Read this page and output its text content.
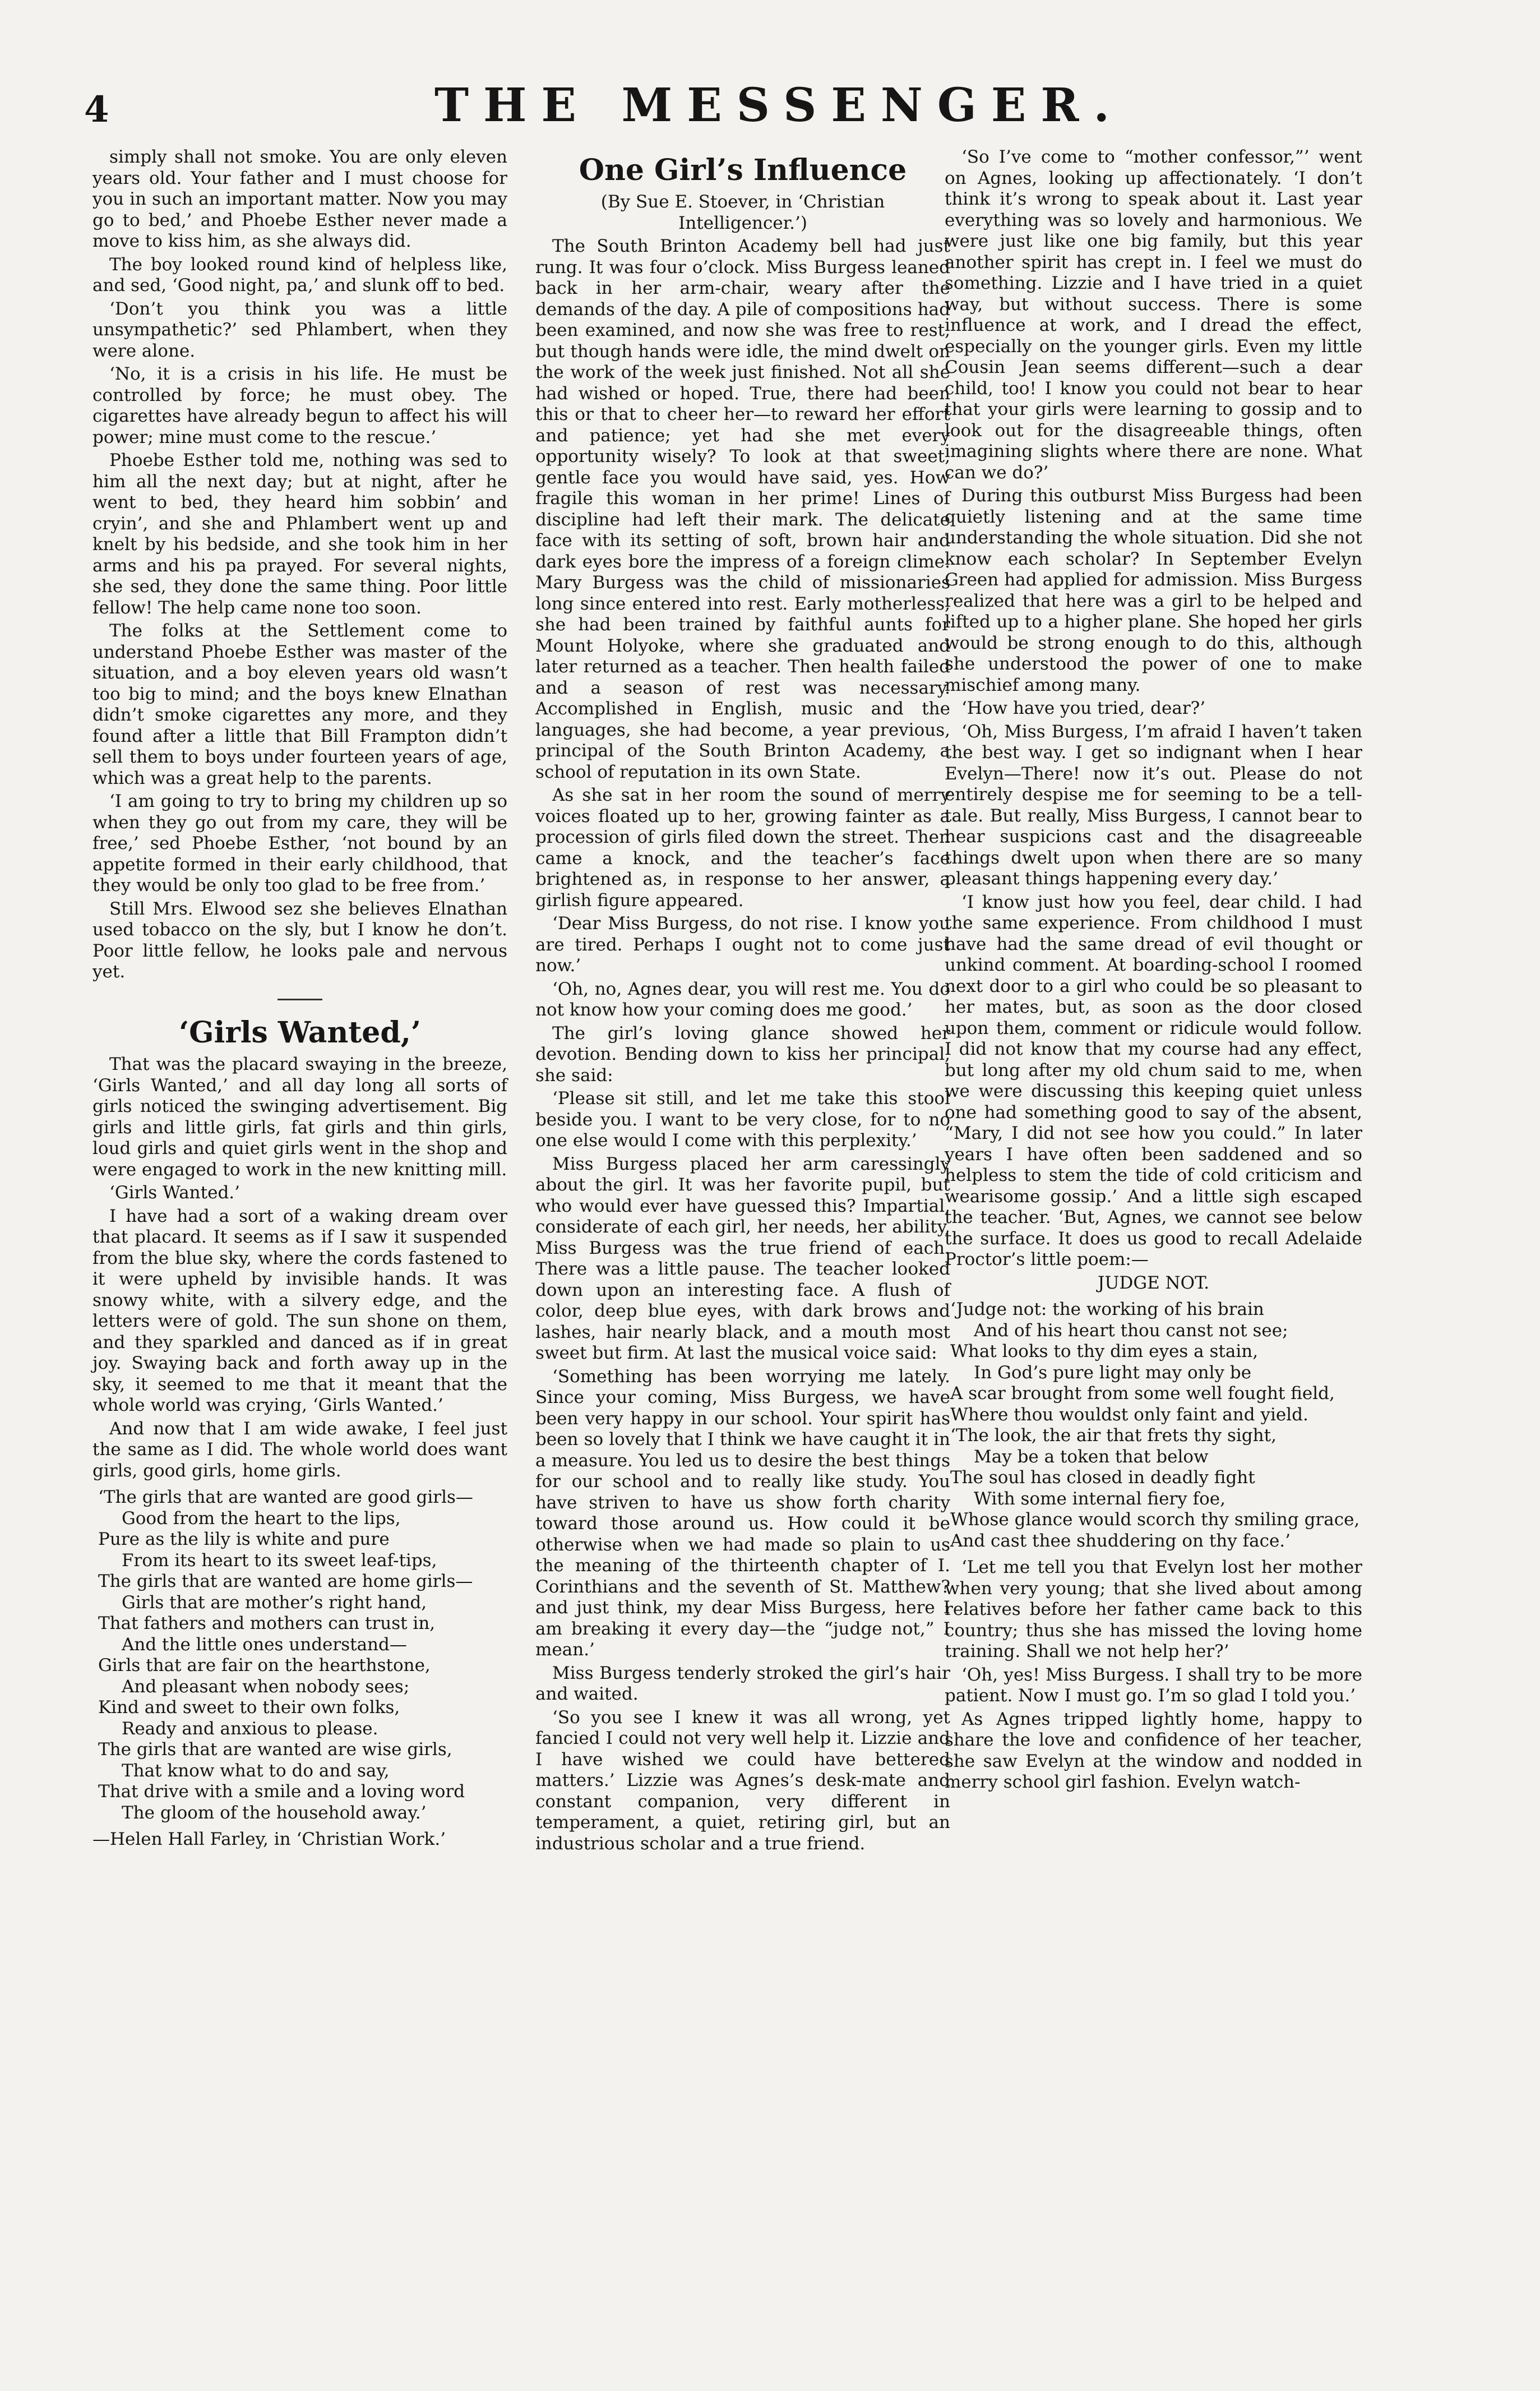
4	THE MESSENGER.

simply shall not smoke. You are only eleven years old. Your father and I must choose for you in such an important matter. Now you may go to bed,’ and Phoebe Esther never made a move to kiss him, as she always did.

The boy looked round kind of helpless like, and sed, ‘Good night, pa,’ and slunk off to bed.

‘Don’t you think you was a little unsympathetic?’ sed Phlambert, when they were alone.

‘No, it is a crisis in his life. He must be controlled by force; he must obey. The cigarettes have already begun to affect his will power; mine must come to the rescue.’

Phoebe Esther told me, nothing was sed to him all the next day; but at night, after he went to bed, they heard him sobbin’ and cryin’, and she and Phlambert went up and knelt by his bedside, and she took him in her arms and his pa prayed. For several nights, she sed, they done the same thing. Poor little fellow! The help came none too soon.

The folks at the Settlement come to understand Phoebe Esther was master of the situation, and a boy eleven years old wasn’t too big to mind; and the boys knew Elnathan didn’t smoke cigarettes any more, and they found after a little that Bill Frampton didn’t sell them to boys under fourteen years of age, which was a great help to the parents.

‘I am going to try to bring my children up so when they go out from my care, they will be free,’ sed Phoebe Esther, ‘not bound by an appetite formed in their early childhood, that they would be only too glad to be free from.’

Still Mrs. Elwood sez she believes Elnathan used tobacco on the sly, but I know he don’t. Poor little fellow, he looks pale and nervous yet.

‘Girls Wanted,’

That was the placard swaying in the breeze, ‘Girls Wanted,’ and all day long all sorts of girls noticed the swinging advertisement. Big girls and little girls, fat girls and thin girls, loud girls and quiet girls went in the shop and were engaged to work in the new knitting mill.

‘Girls Wanted.’

I have had a sort of a waking dream over that placard. It seems as if I saw it suspended from the blue sky, where the cords fastened to it were upheld by invisible hands. It was snowy white, with a silvery edge, and the letters were of gold. The sun shone on them, and they sparkled and danced as if in great joy. Swaying back and forth away up in the sky, it seemed to me that it meant that the whole world was crying, ‘Girls Wanted.’

And now that I am wide awake, I feel just the same as I did. The whole world does want girls, good girls, home girls.

‘The girls that are wanted are good girls—
Good from the heart to the lips,
Pure as the lily is white and pure
From its heart to its sweet leaf-tips,
The girls that are wanted are home girls—
Girls that are mother’s right hand,
That fathers and mothers can trust in,
And the little ones understand—
Girls that are fair on the hearthstone,
And pleasant when nobody sees;
Kind and sweet to their own folks,
Ready and anxious to please.
The girls that are wanted are wise girls,
That know what to do and say,
That drive with a smile and a loving word
The gloom of the household away.’

—Helen Hall Farley, in ‘Christian Work.’

One Girl’s Influence

(By Sue E. Stoever, in ‘Christian Intelligencer.’)

The South Brinton Academy bell had just rung. It was four o’clock. Miss Burgess leaned back in her arm-chair, weary after the demands of the day. A pile of compositions had been examined, and now she was free to rest, but though hands were idle, the mind dwelt on the work of the week just finished. Not all she had wished or hoped. True, there had been this or that to cheer her—to reward her effort and patience; yet had she met every opportunity wisely? To look at that sweet, gentle face you would have said, yes. How fragile this woman in her prime! Lines of discipline had left their mark. The delicate face with its setting of soft, brown hair and dark eyes bore the impress of a foreign clime. Mary Burgess was the child of missionaries long since entered into rest. Early motherless, she had been trained by faithful aunts for Mount Holyoke, where she graduated and later returned as a teacher. Then health failed and a season of rest was necessary. Accomplished in English, music and the languages, she had become, a year previous, principal of the South Brinton Academy, a school of reputation in its own State.

As she sat in her room the sound of merry voices floated up to her, growing fainter as a procession of girls filed down the street. Then came a knock, and the teacher’s face brightened as, in response to her answer, a girlish figure appeared.

‘Dear Miss Burgess, do not rise. I know you are tired. Perhaps I ought not to come just now.’

‘Oh, no, Agnes dear, you will rest me. You do not know how your coming does me good.’

The girl’s loving glance showed her devotion. Bending down to kiss her principal, she said:

‘Please sit still, and let me take this stool beside you. I want to be very close, for to no one else would I come with this perplexity.’

Miss Burgess placed her arm caressingly about the girl. It was her favorite pupil, but who would ever have guessed this? Impartial, considerate of each girl, her needs, her ability, Miss Burgess was the true friend of each. There was a little pause. The teacher looked down upon an interesting face. A flush of color, deep blue eyes, with dark brows and lashes, hair nearly black, and a mouth most sweet but firm. At last the musical voice said:

‘Something has been worrying me lately. Since your coming, Miss Burgess, we have been very happy in our school. Your spirit has been so lovely that I think we have caught it in a measure. You led us to desire the best things for our school and to really like study. You have striven to have us show forth charity toward those around us. How could it be otherwise when we had made so plain to us the meaning of the thirteenth chapter of I. Corinthians and the seventh of St. Matthew? and just think, my dear Miss Burgess, here I am breaking it every day—the “judge not,” I mean.’

Miss Burgess tenderly stroked the girl’s hair and waited.

‘So you see I knew it was all wrong, yet fancied I could not very well help it. Lizzie and I have wished we could have bettered matters.’ Lizzie was Agnes’s desk-mate and constant companion, very different in temperament, a quiet, retiring girl, but an industrious scholar and a true friend.

‘So I’ve come to “mother confessor,”’ went on Agnes, looking up affectionately. ‘I don’t think it’s wrong to speak about it. Last year everything was so lovely and harmonious. We were just like one big family, but this year another spirit has crept in. I feel we must do something. Lizzie and I have tried in a quiet way, but without success. There is some influence at work, and I dread the effect, especially on the younger girls. Even my little Cousin Jean seems different—such a dear child, too! I know you could not bear to hear that your girls were learning to gossip and to look out for the disagreeable things, often imagining slights where there are none. What can we do?’

During this outburst Miss Burgess had been quietly listening and at the same time understanding the whole situation. Did she not know each scholar? In September Evelyn Green had applied for admission. Miss Burgess realized that here was a girl to be helped and lifted up to a higher plane. She hoped her girls would be strong enough to do this, although she understood the power of one to make mischief among many.

‘How have you tried, dear?’

‘Oh, Miss Burgess, I’m afraid I haven’t taken the best way. I get so indignant when I hear Evelyn—There! now it’s out. Please do not entirely despise me for seeming to be a tell-tale. But really, Miss Burgess, I cannot bear to hear suspicions cast and the disagreeable things dwelt upon when there are so many pleasant things happening every day.’

‘I know just how you feel, dear child. I had the same experience. From childhood I must have had the same dread of evil thought or unkind comment. At boarding-school I roomed next door to a girl who could be so pleasant to her mates, but, as soon as the door closed upon them, comment or ridicule would follow. I did not know that my course had any effect, but long after my old chum said to me, when we were discussing this keeping quiet unless one had something good to say of the absent, “Mary, I did not see how you could.” In later years I have often been saddened and so helpless to stem the tide of cold criticism and wearisome gossip.’ And a little sigh escaped the teacher. ‘But, Agnes, we cannot see below the surface. It does us good to recall Adelaide Proctor’s little poem:—

JUDGE NOT.

‘Judge not: the working of his brain
And of his heart thou canst not see;
What looks to thy dim eyes a stain,
In God’s pure light may only be
A scar brought from some well fought field,
Where thou wouldst only faint and yield.
‘The look, the air that frets thy sight,
May be a token that below
The soul has closed in deadly fight
With some internal fiery foe,
Whose glance would scorch thy smiling grace,
And cast thee shuddering on thy face.’

‘Let me tell you that Evelyn lost her mother when very young; that she lived about among relatives before her father came back to this country; thus she has missed the loving home training. Shall we not help her?’

‘Oh, yes! Miss Burgess. I shall try to be more patient. Now I must go. I’m so glad I told you.’

As Agnes tripped lightly home, happy to share the love and confidence of her teacher, she saw Evelyn at the window and nodded in merry school girl fashion. Evelyn watch-
